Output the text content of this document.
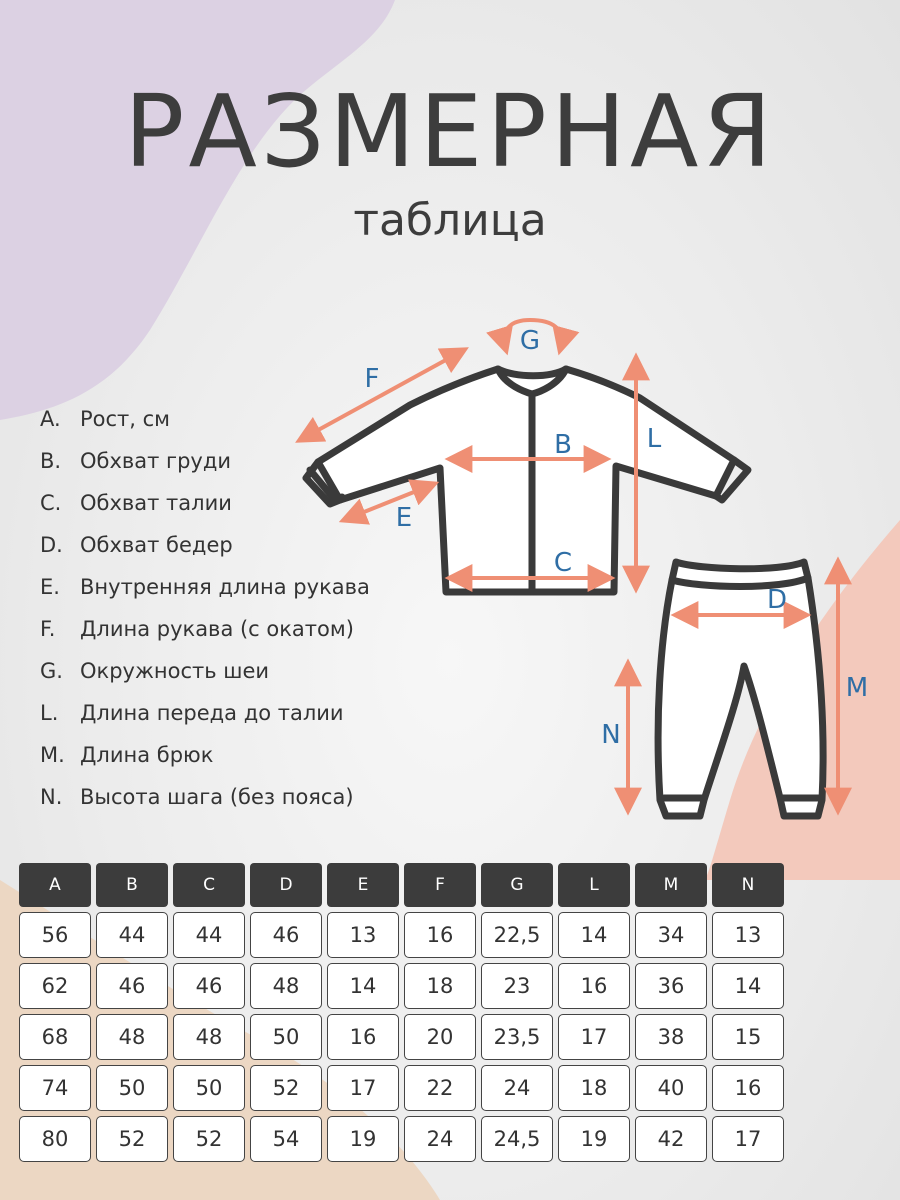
РАЗМЕРНАЯ
таблица
A. Рост, см
B. Обхват груди
C. Обхват талии
D. Обхват бедер
E. Внутренняя длина рукава
F.	Длина рукава (с окатом)
G. Окружность шеи
L.	Длина переда до талии
M. Длина брюк
N. Высота шага (без пояса)
F
G
B	L
E
C
D
M
N
A	B	C	D	E	F	G	L	M	N
56	44	44	46	13	16	22,5	14	34	13
62	46	46	48	14	18	23	16	36	14
68	48	48	50	16	20	23,5	17	38	15
74	50	50	52	17	22	24	18	40	16
80	52	52	54	19	24	24,5	19	42	17
